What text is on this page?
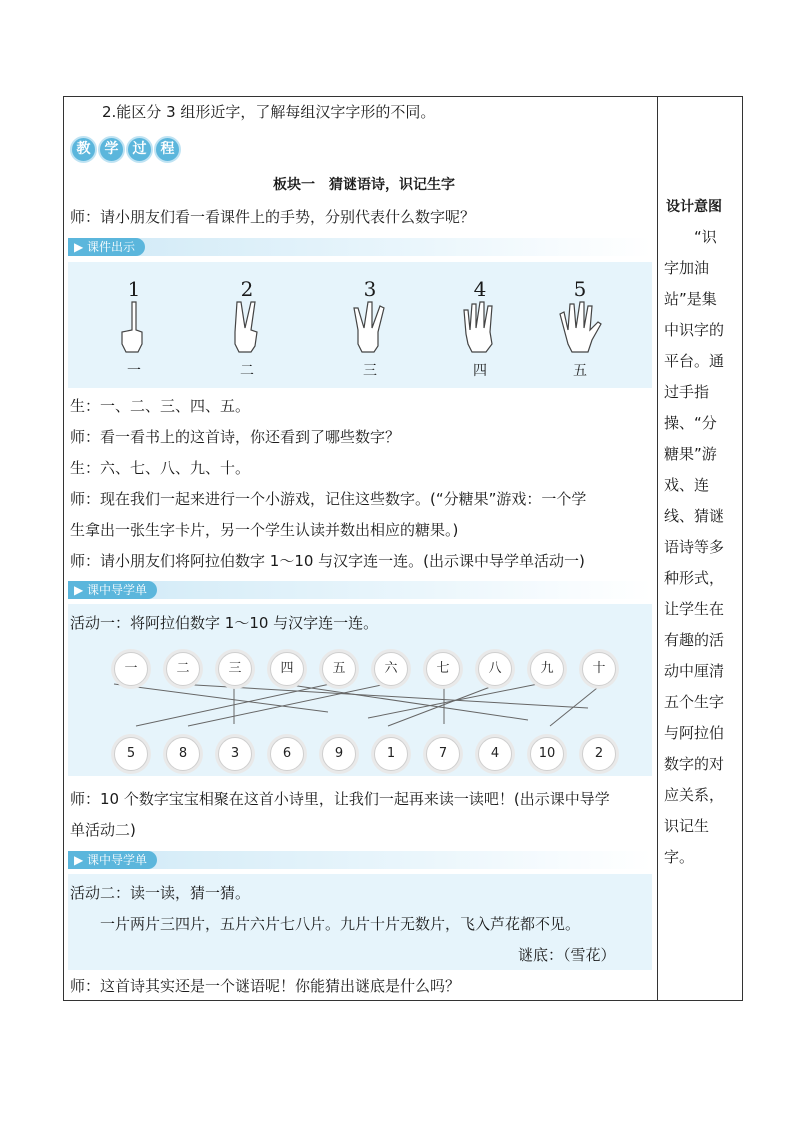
2.能区分 3 组形近字，了解每组汉字字形的不同。
教 学 过 程
板块一　猜谜语诗，识记生字
师：请小朋友们看一看课件上的手势，分别代表什么数字呢？
▶ 课件出示
1
一
2
二
3
三
4
四
5
五
生：一、二、三、四、五。
师：看一看书上的这首诗，你还看到了哪些数字？
生：六、七、八、九、十。
师：现在我们一起来进行一个小游戏，记住这些数字。(“分糖果”游戏：一个学
生拿出一张生字卡片，另一个学生认读并数出相应的糖果。)
师：请小朋友们将阿拉伯数字 1～10 与汉字连一连。(出示课中导学单活动一)
▶ 课中导学单
活动一：将阿拉伯数字 1～10 与汉字连一连。
一	二	三	四	五	六	七	八	九	十
5	8	3	6	9	1	7	4	10	2
师：10 个数字宝宝相聚在这首小诗里，让我们一起再来读一读吧！(出示课中导学
单活动二)
▶ 课中导学单
活动二：读一读，猜一猜。
一片两片三四片，五片六片七八片。九片十片无数片，飞入芦花都不见。
谜底：（雪花）
师：这首诗其实还是一个谜语呢！你能猜出谜底是什么吗？
设计意图
　　“识
字加油
站”是集
中识字的
平台。通
过手指
操、“分
糖果”游
戏、连
线、猜谜
语诗等多
种形式，
让学生在
有趣的活
动中厘清
五个生字
与阿拉伯
数字的对
应关系，
识记生
字。
